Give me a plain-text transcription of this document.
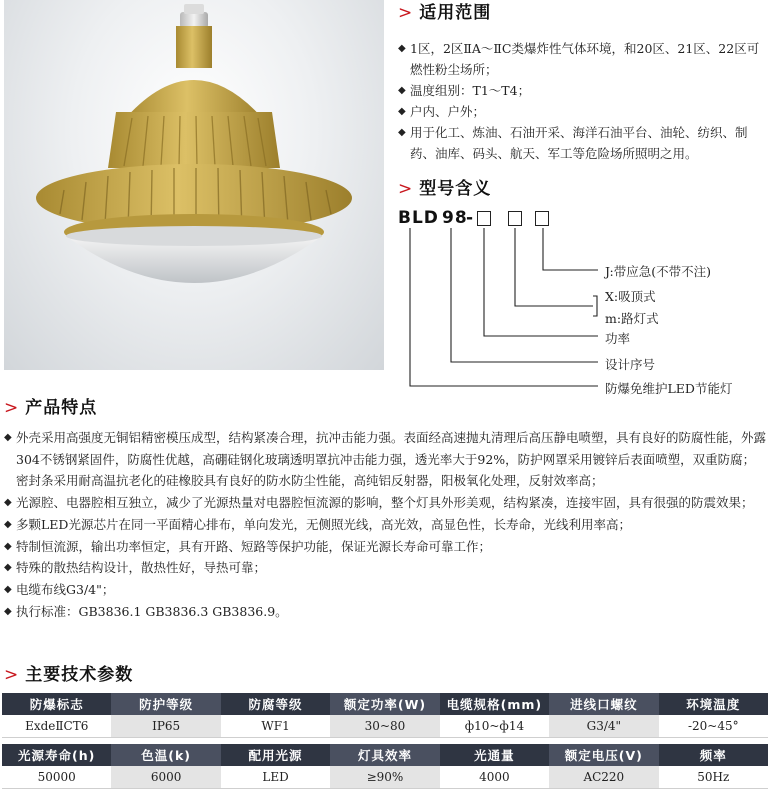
> 适用范围
◆ 1区，2区ⅡA～ⅡC类爆炸性气体环境，和20区、21区、22区可燃性粉尘场所；
◆ 温度组别：T1～T4；
◆ 户内、户外；
◆ 用于化工、炼油、石油开采、海洋石油平台、油轮、纺织、制药、油库、码头、航天、军工等危险场所照明之用。
> 型号含义
BLD 98
-
J:带应急(不带不注)
X:吸顶式
m:路灯式
功率
设计序号
防爆免维护LED节能灯
> 产品特点
◆ 外壳采用高强度无铜铝精密模压成型，结构紧凑合理，抗冲击能力强。表面经高速抛丸清理后高压静电喷塑，具有良好的防腐性能，外露304不锈钢紧固件，防腐性优越，高硼硅钢化玻璃透明罩抗冲击能力强，透光率大于92%，防护网罩采用镀锌后表面喷塑，双重防腐；密封条采用耐高温抗老化的硅橡胶具有良好的防水防尘性能，高纯铝反射器，阳极氧化处理，反射效率高；
◆ 光源腔、电器腔相互独立，减少了光源热量对电器腔恒流源的影响，整个灯具外形美观，结构紧凑，连接牢固，具有很强的防震效果；
◆ 多颗LED光源芯片在同一平面精心排布，单向发光，无侧照光线，高光效，高显色性，长寿命，光线利用率高；
◆ 特制恒流源，输出功率恒定，具有开路、短路等保护功能，保证光源长寿命可靠工作；
◆ 特殊的散热结构设计，散热性好，导热可靠；
◆ 电缆布线G3/4"；
◆ 执行标准：GB3836.1 GB3836.3 GB3836.9。
> 主要技术参数
防爆标志	防护等级	防腐等级	额定功率(W)	电缆规格(mm)	进线口螺纹	环境温度
ExdeⅡCT6	IP65	WF1	30~80	ф10~ф14	G3/4"	-20~45°

光源寿命(h)	色温(k)	配用光源	灯具效率	光通量	额定电压(V)	频率
50000	6000	LED	≥90%	4000	AC220	50Hz
